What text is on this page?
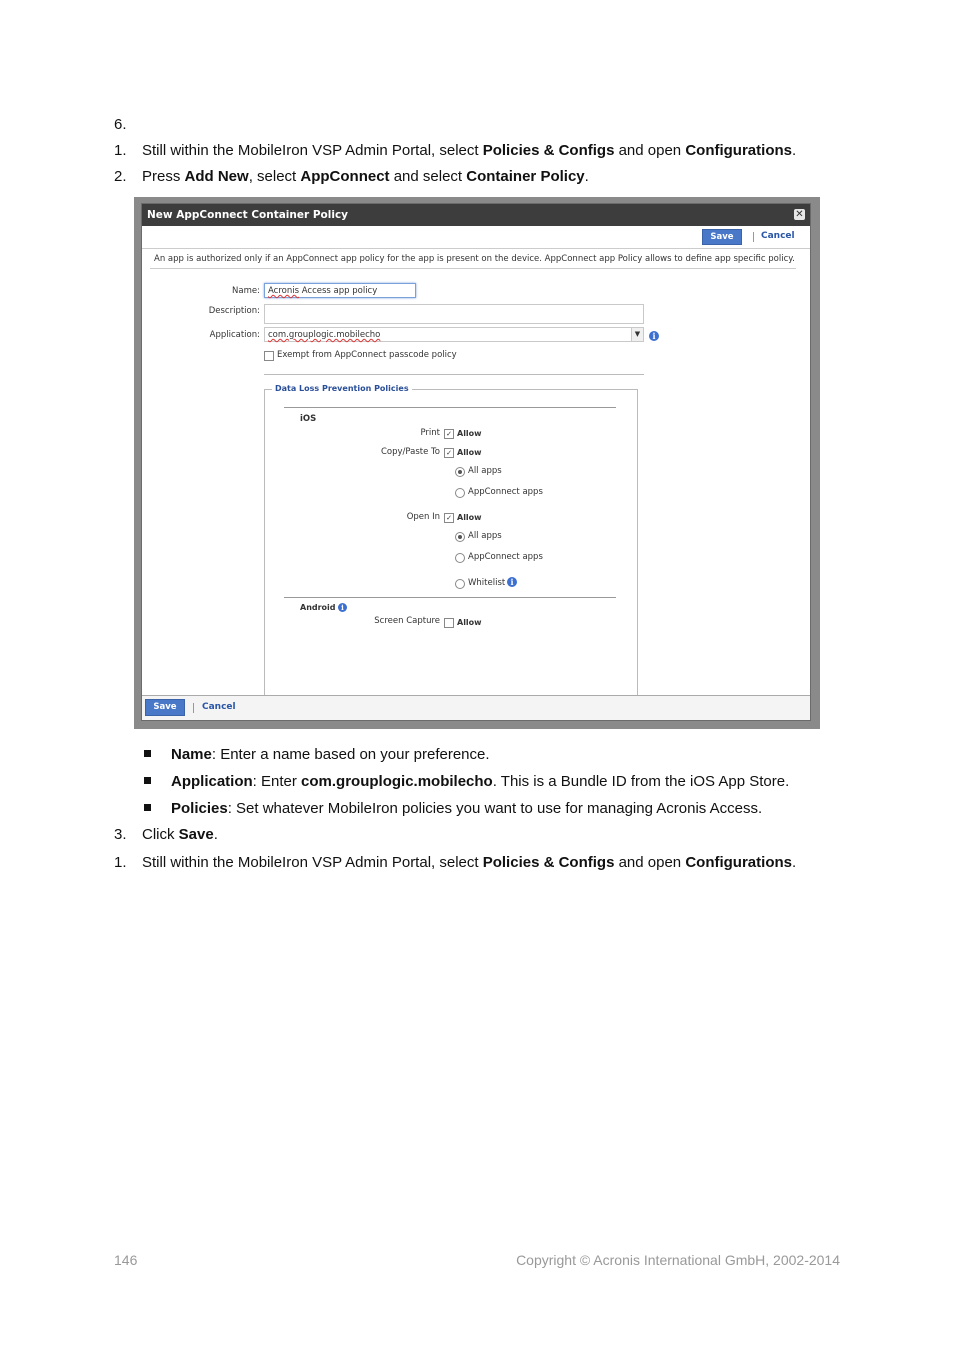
6.
1. Still within the MobileIron VSP Admin Portal, select Policies & Configs and open Configurations.
2. Press Add New, select AppConnect and select Container Policy.
New AppConnect Container Policy	✕
Save	Cancel
An app is authorized only if an AppConnect app policy for the app is present on the device. AppConnect app Policy allows to define app specific policy.
Name: Acronis Access app policy
Description:
Application: com.grouplogic.mobilecho	▼	i
Exempt from AppConnect passcode policy
Data Loss Prevention Policies
iOS
Print ✓ Allow
Copy/Paste To ✓ Allow
All apps
AppConnect apps
Open In ✓ Allow
All apps
AppConnect apps
Whitelist i
Android i
Screen Capture Allow
Save	Cancel
Name: Enter a name based on your preference.
Application: Enter com.grouplogic.mobilecho. This is a Bundle ID from the iOS App Store.
Policies: Set whatever MobileIron policies you want to use for managing Acronis Access.
3. Click Save.
1. Still within the MobileIron VSP Admin Portal, select Policies & Configs and open Configurations.
146	Copyright © Acronis International GmbH, 2002-2014
